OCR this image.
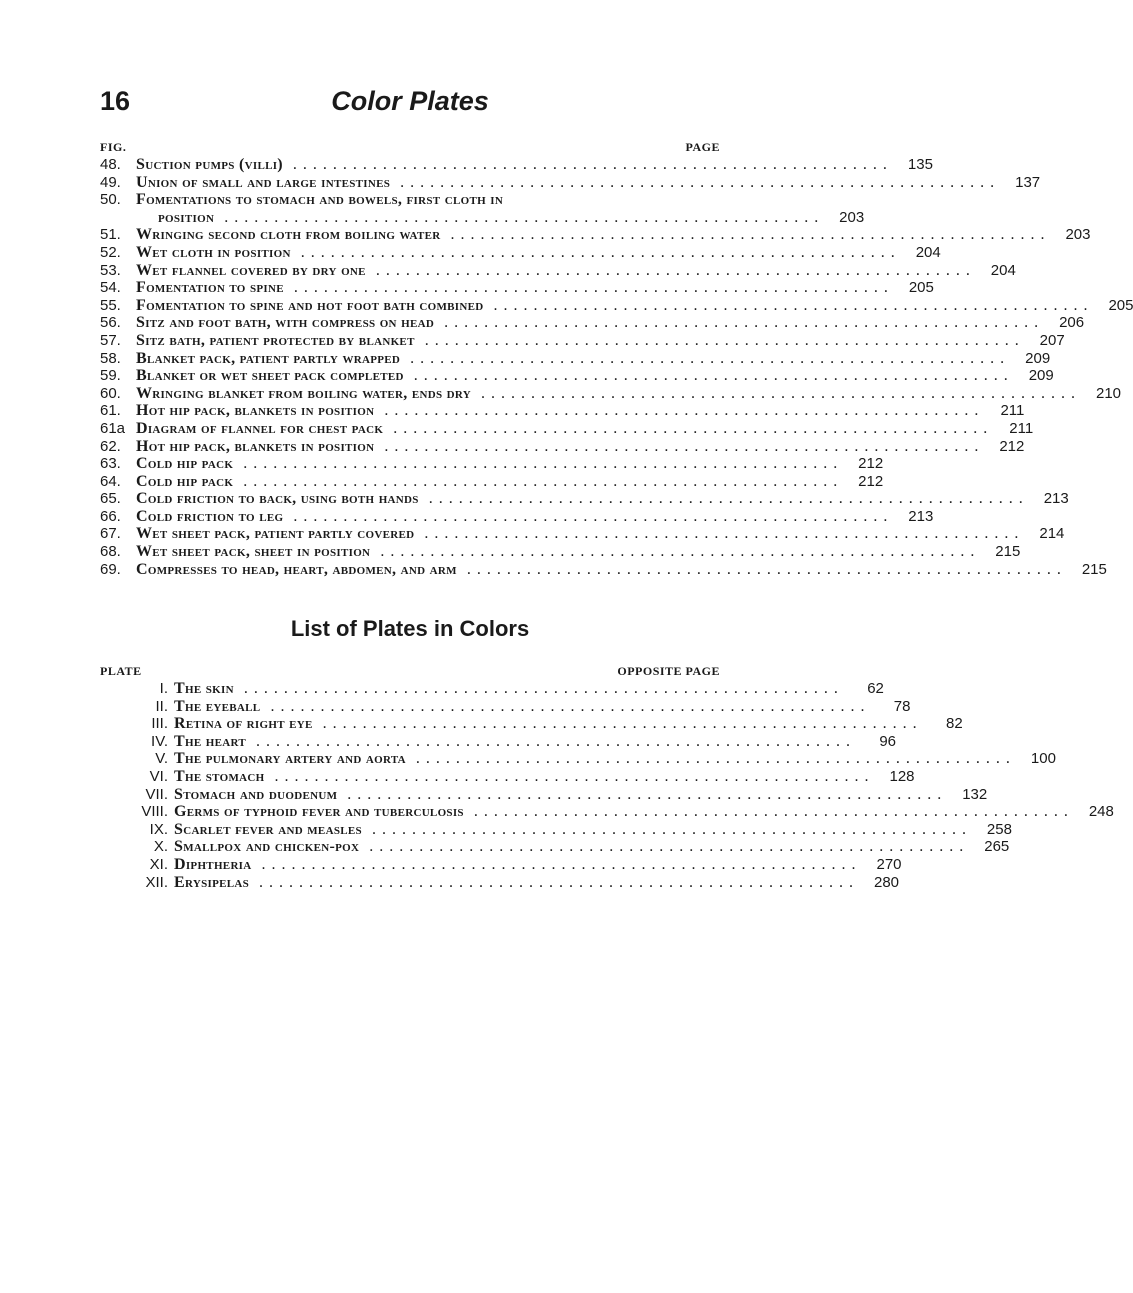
16	Color Plates
FIG.	PAGE
48. Suction pumps (villi) ............................................................ 135
49. Union of small and large intestines ............................................................ 137
50. Fomentations to stomach and bowels, first cloth in
position ............................................................ 203
51. Wringing second cloth from boiling water ............................................................ 203
52. Wet cloth in position ............................................................ 204
53. Wet flannel covered by dry one ............................................................ 204
54. Fomentation to spine ............................................................ 205
55. Fomentation to spine and hot foot bath combined ............................................................ 205
56. Sitz and foot bath, with compress on head ............................................................ 206
57. Sitz bath, patient protected by blanket ............................................................ 207
58. Blanket pack, patient partly wrapped ............................................................ 209
59. Blanket or wet sheet pack completed ............................................................ 209
60. Wringing blanket from boiling water, ends dry ............................................................ 210
61. Hot hip pack, blankets in position ............................................................	211
61a Diagram of flannel for chest pack ............................................................	211
62. Hot hip pack, blankets in position ............................................................ 212
63. Cold hip pack ............................................................ 212
64. Cold hip pack ............................................................ 212
65. Cold friction to back, using both hands ............................................................ 213
66. Cold friction to leg ............................................................ 213
67. Wet sheet pack, patient partly covered ............................................................ 214
68. Wet sheet pack, sheet in position ............................................................ 215
69. Compresses to head, heart, abdomen, and arm ............................................................ 215
List of Plates in Colors
PLATE	OPPOSITE PAGE
I. The skin ............................................................	62
II. The eyeball ............................................................	78
III. Retina of right eye ............................................................	82
IV. The heart ............................................................	96
V. The pulmonary artery and aorta ............................................................ 100
VI. The stomach ............................................................ 128
VII. Stomach and duodenum ............................................................ 132
VIII. Germs of typhoid fever and tuberculosis ............................................................ 248
IX. Scarlet fever and measles ............................................................ 258
X. Smallpox and chicken-pox ............................................................ 265
XI. Diphtheria ............................................................ 270
XII. Erysipelas ............................................................ 280
